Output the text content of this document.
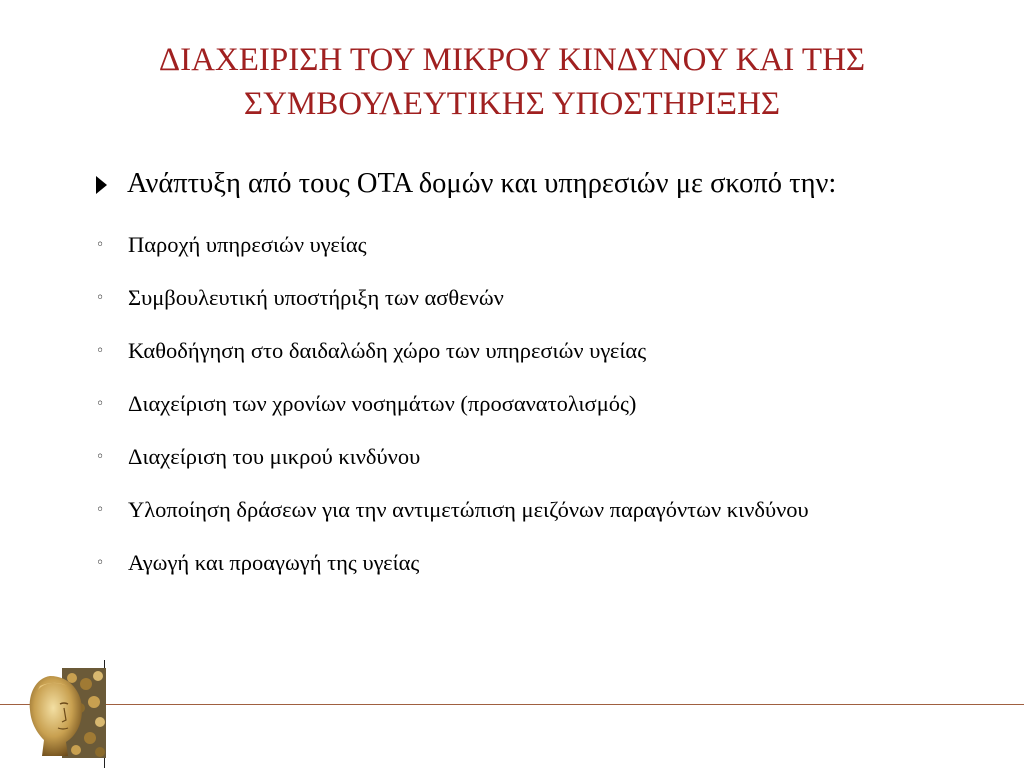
ΔΙΑΧΕΙΡΙΣΗ ΤΟΥ ΜΙΚΡΟΥ ΚΙΝΔΥΝΟΥ ΚΑΙ ΤΗΣ
ΣΥΜΒΟΥΛΕΥΤΙΚΗΣ ΥΠΟΣΤΗΡΙΞΗΣ
Ανάπτυξη από τους ΟΤΑ δομών και υπηρεσιών με σκοπό την:
◦ Παροχή υπηρεσιών υγείας
◦ Συμβουλευτική υποστήριξη των ασθενών
◦ Καθοδήγηση στο δαιδαλώδη χώρο των υπηρεσιών υγείας
◦ Διαχείριση των χρονίων νοσημάτων (προσανατολισμός)
◦ Διαχείριση του μικρού κινδύνου
◦ Υλοποίηση δράσεων για την αντιμετώπιση μειζόνων παραγόντων κινδύνου
◦ Αγωγή και προαγωγή της υγείας
